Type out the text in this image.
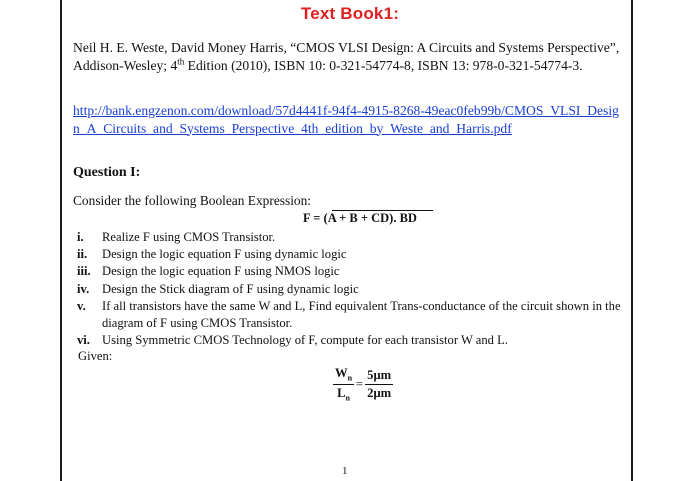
Text Book1:
Neil H. E. Weste, David Money Harris, “CMOS VLSI Design: A Circuits and Systems Perspective”, Addison-Wesley; 4th Edition (2010), ISBN 10: 0-321-54774-8, ISBN 13: 978-0-321-54774-3.
http://bank.engzenon.com/download/57d4441f-94f4-4915-8268-49eac0feb99b/CMOS_VLSI_Design_A_Circuits_and_Systems_Perspective_4th_edition_by_Weste_and_Harris.pdf
Question I:
Consider the following Boolean Expression:
F = (A + B + CD). BD
i. Realize F using CMOS Transistor.
ii. Design the logic equation F using dynamic logic
iii. Design the logic equation F using NMOS logic
iv. Design the Stick diagram of F using dynamic logic
v. If all transistors have the same W and L, Find equivalent Trans-conductance of the circuit shown in the diagram of F using CMOS Transistor.
vi. Using Symmetric CMOS Technology of F, compute for each transistor W and L.
Given:
$\frac{W_n}{L_n} = \frac{5\mu m}{2\mu m}$
1
